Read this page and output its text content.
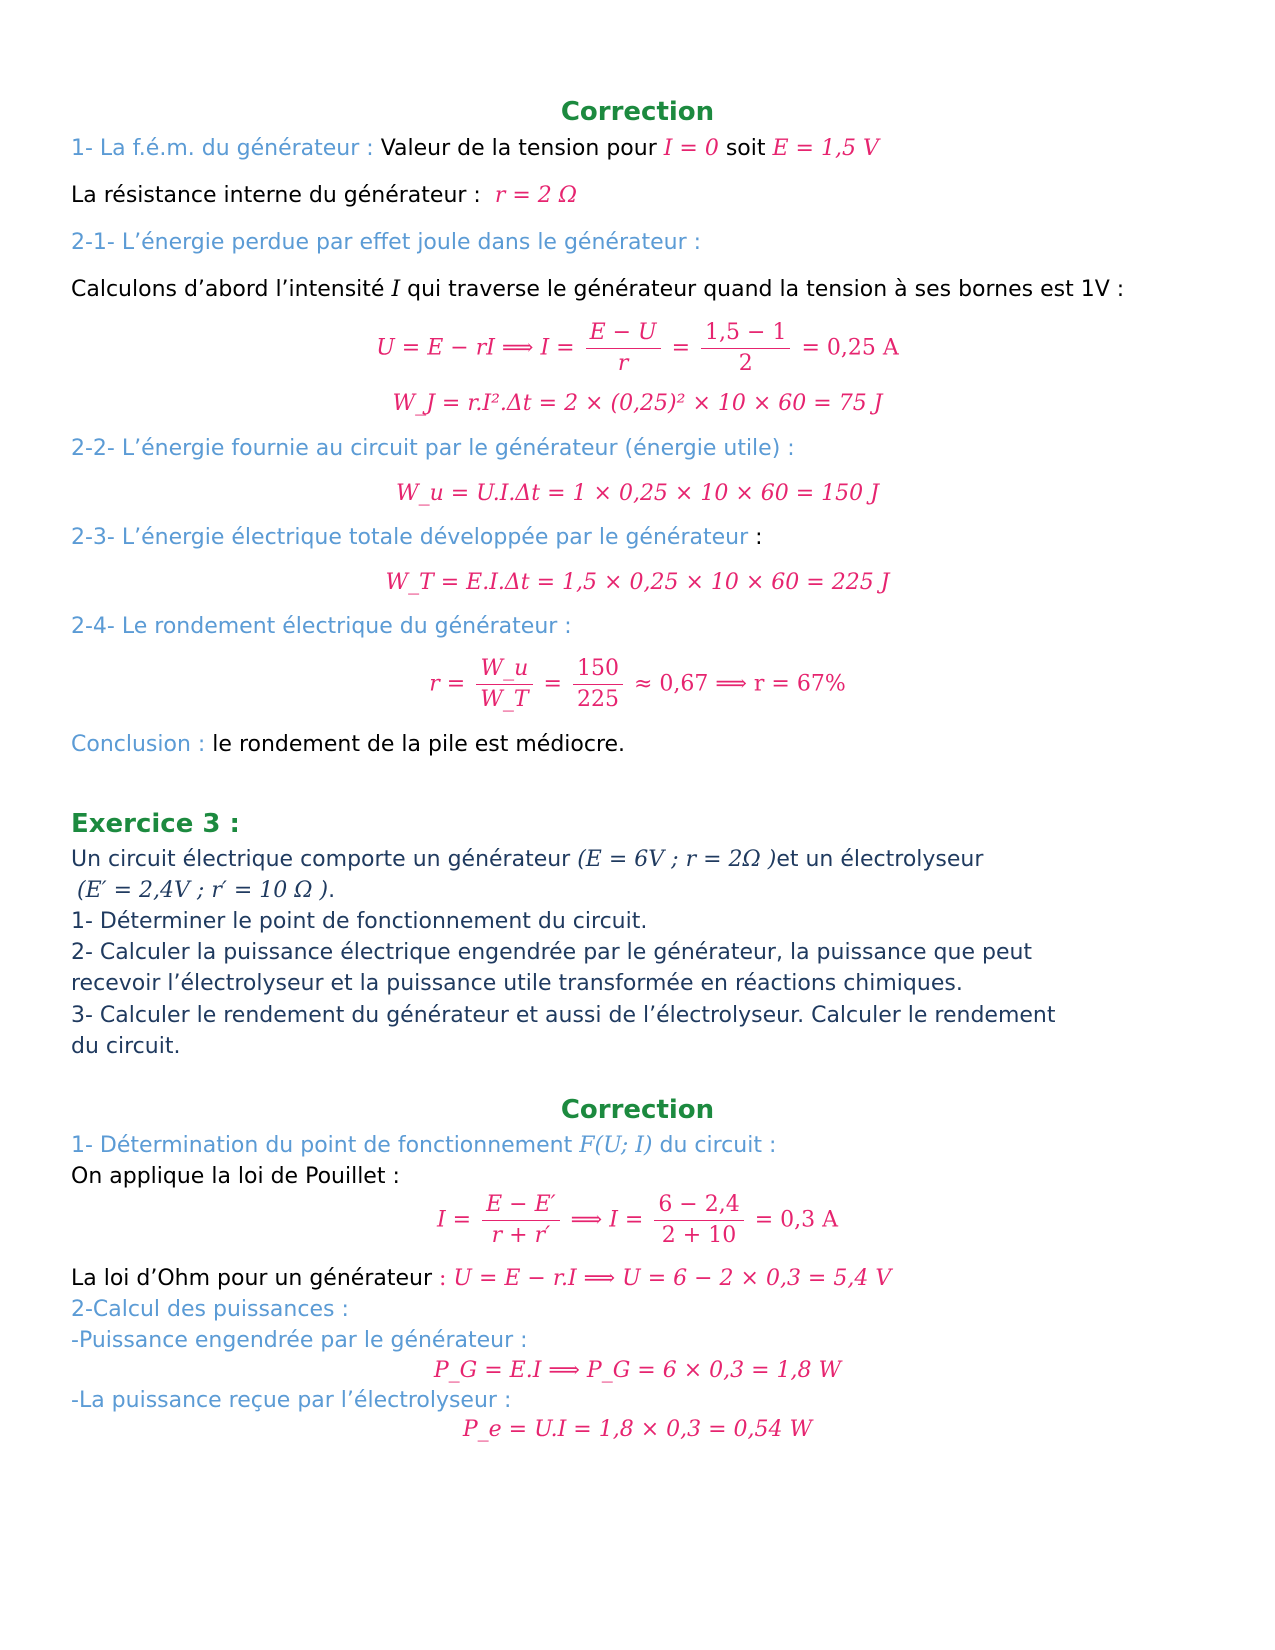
Correction
1- La f.é.m. du générateur : Valeur de la tension pour I = 0 soit E = 1,5 V
La résistance interne du générateur : r = 2 Ω
2-1- L’énergie perdue par effet joule dans le générateur :
Calculons d’abord l’intensité I qui traverse le générateur quand la tension à ses bornes est 1V :
U = E − rI ⟹ $I = \frac{E - U}{r} = \frac{1,5 - 1}{2} = 0,25$ A
W_J = r.I².Δt = 2 × (0,25)² × 10 × 60 = 75 J
2-2- L’énergie fournie au circuit par le générateur (énergie utile) :
W_u = U.I.Δt = 1 × 0,25 × 10 × 60 = 150 J
2-3- L’énergie électrique totale développée par le générateur :
W_T = E.I.Δt = 1,5 × 0,25 × 10 × 60 = 225 J
2-4- Le rondement électrique du générateur :
$r = \frac{W\_u}{W\_T} = \frac{150}{225} \approx 0,67$ ⟹ r = 67%
Conclusion : le rondement de la pile est médiocre.
Exercice 3 :
Un circuit électrique comporte un générateur (E = 6V ; r = 2Ω )et un électrolyseur
(E′ = 2,4V ; r′ = 10 Ω ).
1- Déterminer le point de fonctionnement du circuit.
2- Calculer la puissance électrique engendrée par le générateur, la puissance que peut
recevoir l’électrolyseur et la puissance utile transformée en réactions chimiques.
3- Calculer le rendement du générateur et aussi de l’électrolyseur. Calculer le rendement
du circuit.
Correction
1- Détermination du point de fonctionnement F(U; I) du circuit :
On applique la loi de Pouillet :
$I = \frac{E - E'}{r + r'}$ ⟹ $I = \frac{6 - 2,4}{2 + 10} = 0,3$ A
La loi d’Ohm pour un générateur : U = E − r.I ⟹ U = 6 − 2 × 0,3 = 5,4 V
2-Calcul des puissances :
-Puissance engendrée par le générateur :
P_G = E.I ⟹ P_G = 6 × 0,3 = 1,8 W
-La puissance reçue par l’électrolyseur :
P_e = U.I = 1,8 × 0,3 = 0,54 W
